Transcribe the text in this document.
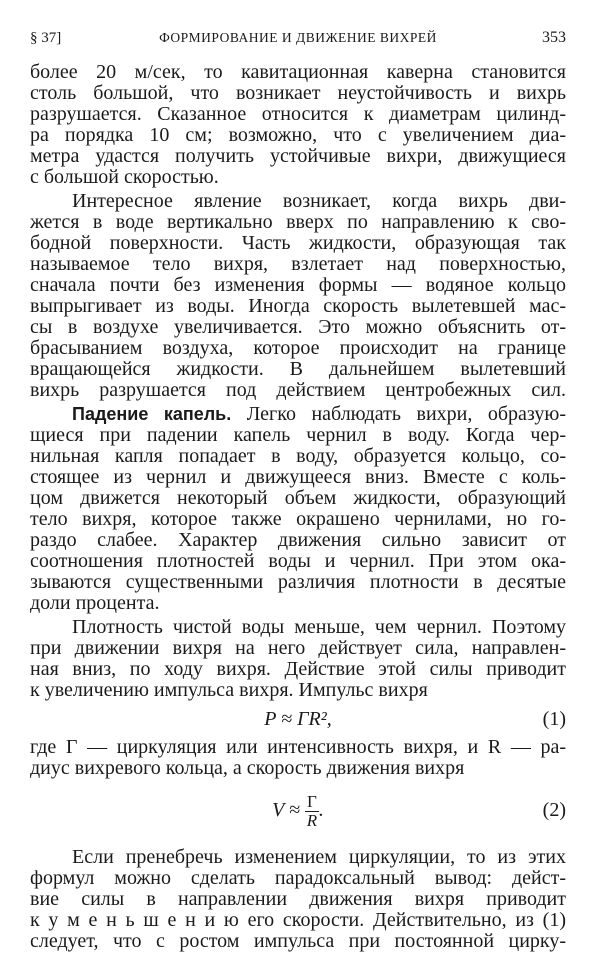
§ 37]	ФОРМИРОВАНИЕ И ДВИЖЕНИЕ ВИХРЕЙ	353
более 20 м/сек, то кавитационная каверна становится
столь большой, что возникает неустойчивость и вихрь
разрушается. Сказанное относится к диаметрам цилинд-
ра порядка 10 см; возможно, что с увеличением диа-
метра удастся получить устойчивые вихри, движущиеся
с большой скоростью.
Интересное явление возникает, когда вихрь дви-
жется в воде вертикально вверх по направлению к сво-
бодной поверхности. Часть жидкости, образующая так
называемое тело вихря, взлетает над поверхностью,
сначала почти без изменения формы — водяное кольцо
выпрыгивает из воды. Иногда скорость вылетевшей мас-
сы в воздухе увеличивается. Это можно объяснить от-
брасыванием воздуха, которое происходит на границе
вращающейся жидкости. В дальнейшем вылетевший
вихрь разрушается под действием центробежных сил.
Падение капель. Легко наблюдать вихри, образую-
щиеся при падении капель чернил в воду. Когда чер-
нильная капля попадает в воду, образуется кольцо, со-
стоящее из чернил и движущееся вниз. Вместе с коль-
цом движется некоторый объем жидкости, образующий
тело вихря, которое также окрашено чернилами, но го-
раздо слабее. Характер движения сильно зависит от
соотношения плотностей воды и чернил. При этом ока-
зываются существенными различия плотности в десятые
доли процента.
Плотность чистой воды меньше, чем чернил. Поэтому
при движении вихря на него действует сила, направлен-
ная вниз, по ходу вихря. Действие этой силы приводит
к увеличению импульса вихря. Импульс вихря
P ≈ ΓR²,	(1)
где Γ — циркуляция или интенсивность вихря, и R — ра-
диус вихревого кольца, а скорость движения вихря
$V \approx \frac{\Gamma}{R}$ .	(2)
Если пренебречь изменением циркуляции, то из этих
формул можно сделать парадоксальный вывод: дейст-
вие силы в направлении движения вихря приводит
к у м е н ь ш е н и ю его скорости. Действительно, из (1)
следует, что с ростом импульса при постоянной цирку-
